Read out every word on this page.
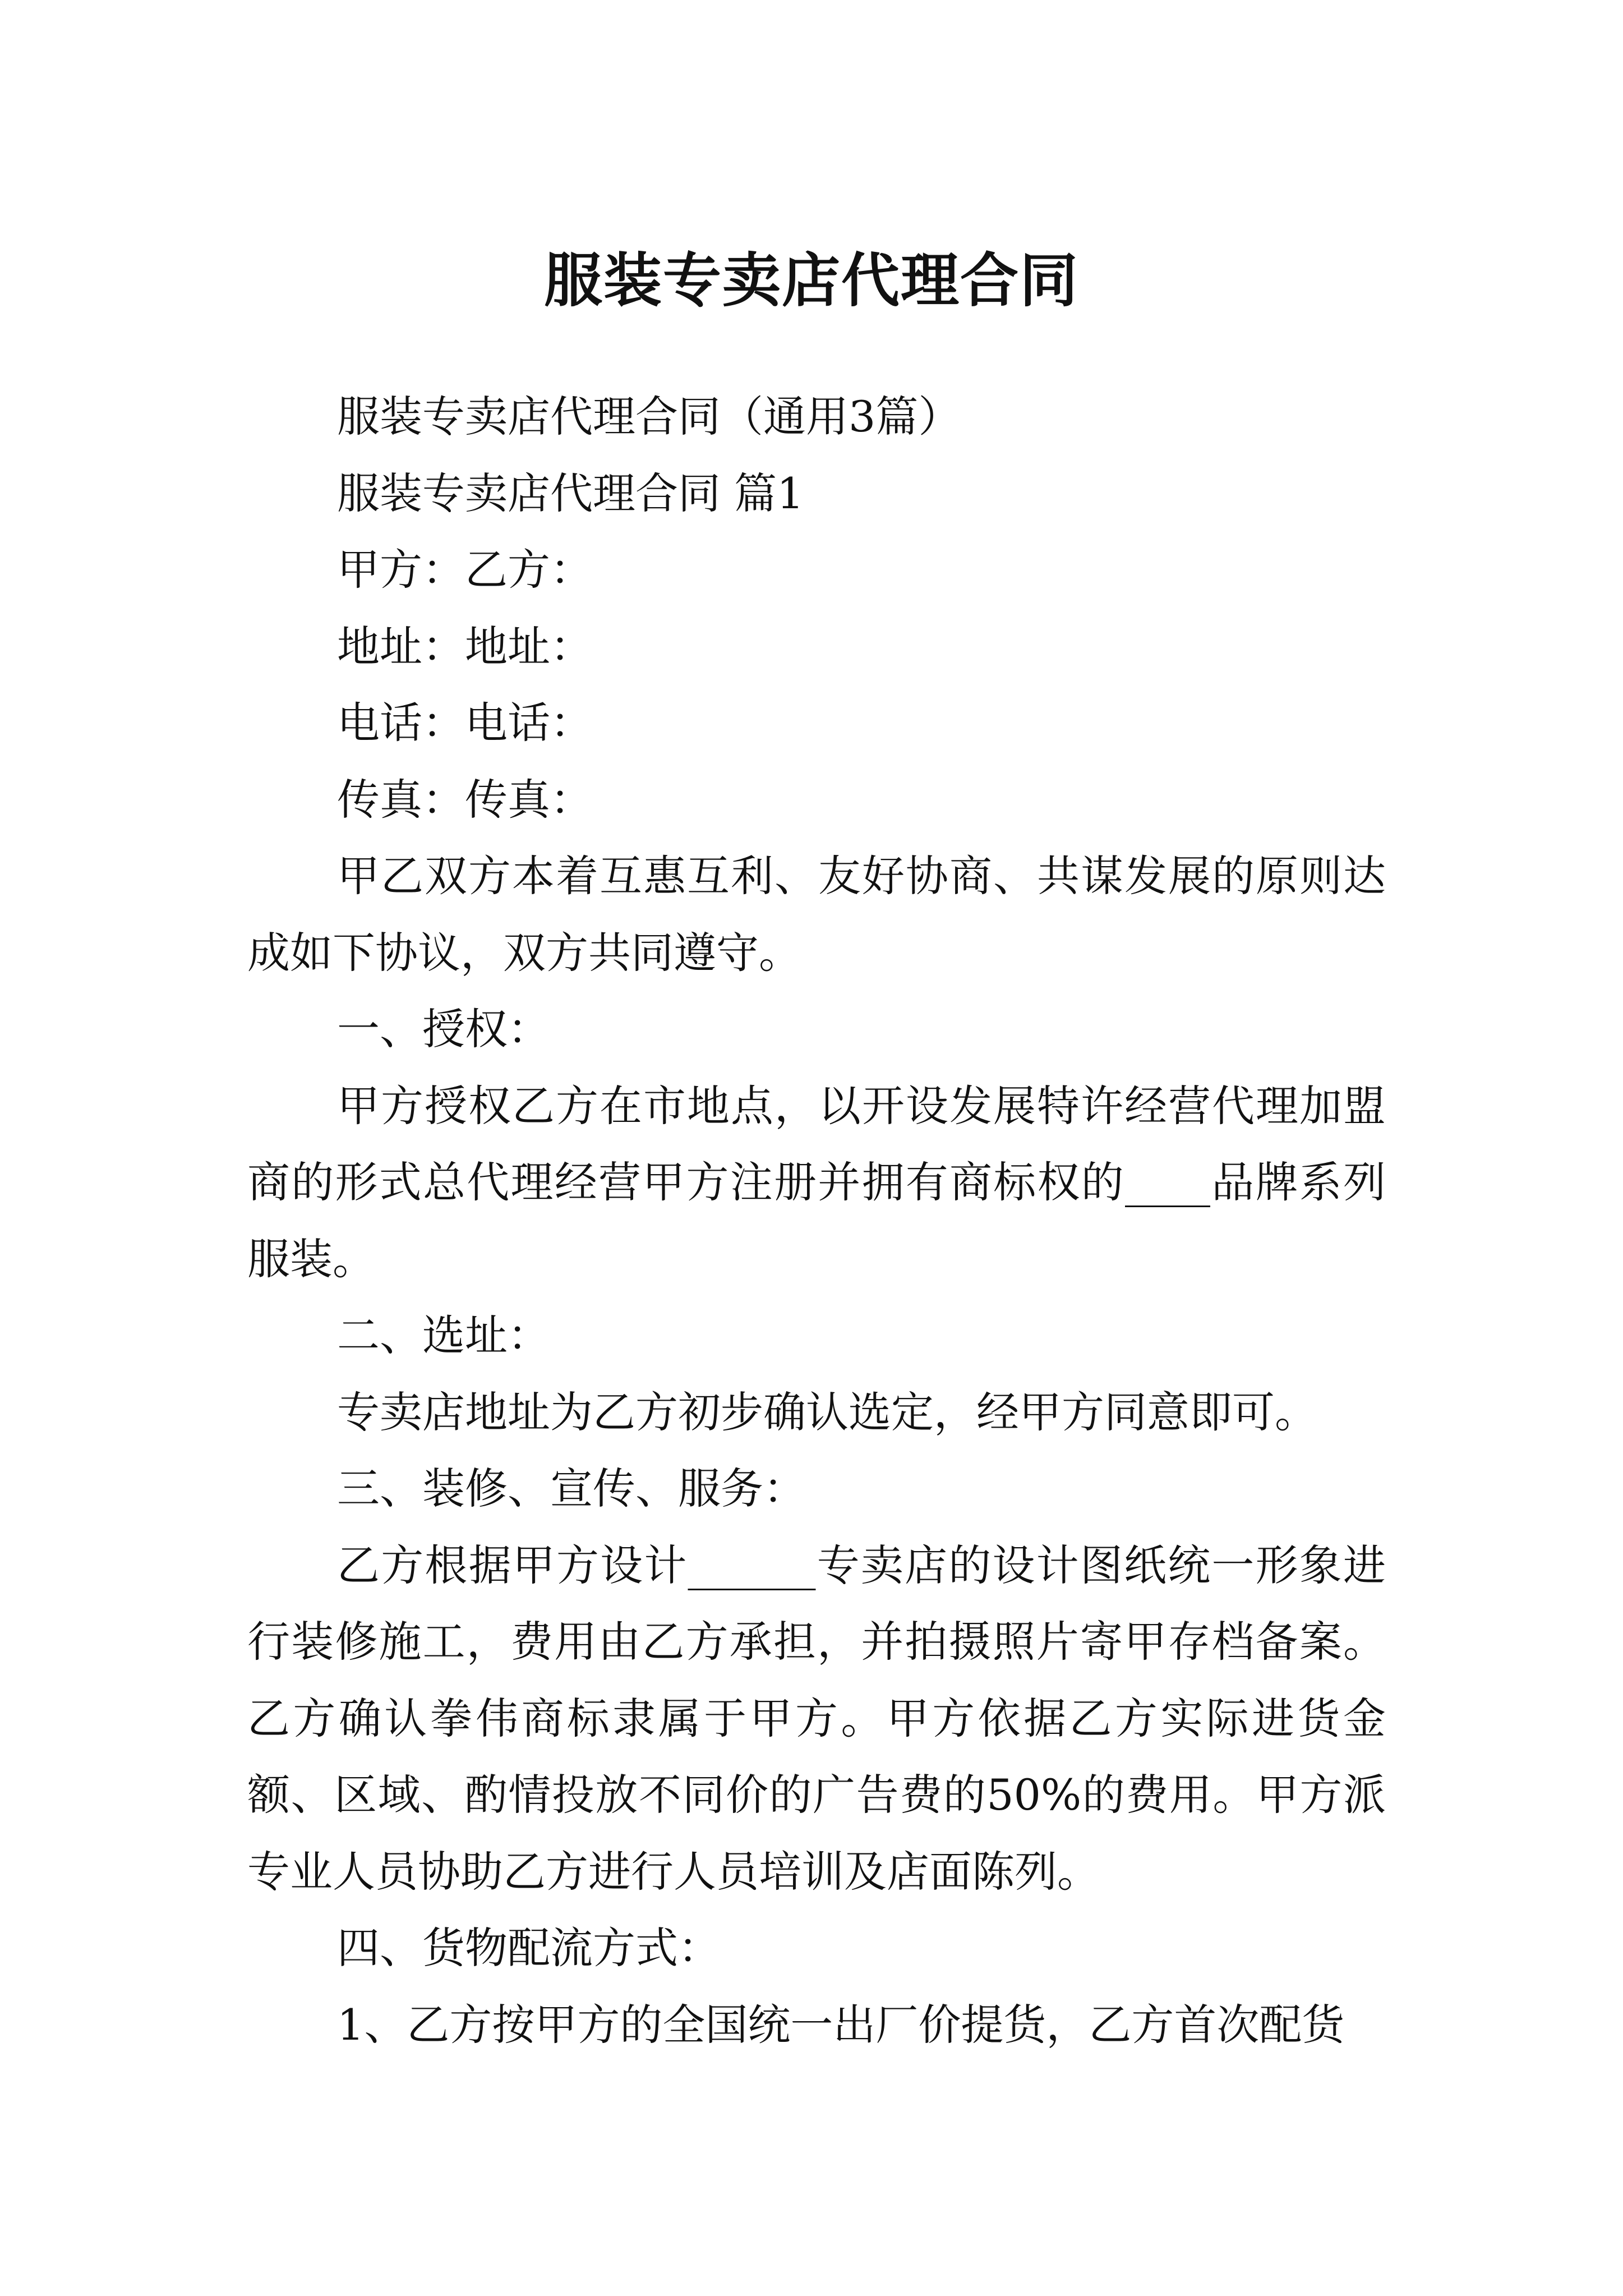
服装专卖店代理合同

服装专卖店代理合同（通用3篇）

服装专卖店代理合同 篇1

甲方：乙方：

地址：地址：

电话：电话：

传真：传真：

甲乙双方本着互惠互利、友好协商、共谋发展的原则达成如下协议，双方共同遵守。

一、授权：

甲方授权乙方在市地点，以开设发展特许经营代理加盟商的形式总代理经营甲方注册并拥有商标权的____品牌系列服装。

二、选址：

专卖店地址为乙方初步确认选定，经甲方同意即可。

三、装修、宣传、服务：

乙方根据甲方设计______专卖店的设计图纸统一形象进行装修施工，费用由乙方承担，并拍摄照片寄甲存档备案。乙方确认拳伟商标隶属于甲方。甲方依据乙方实际进货金额、区域、酌情投放不同价的广告费的50%的费用。甲方派专业人员协助乙方进行人员培训及店面陈列。

四、货物配流方式：

1、乙方按甲方的全国统一出厂价提货，乙方首次配货
